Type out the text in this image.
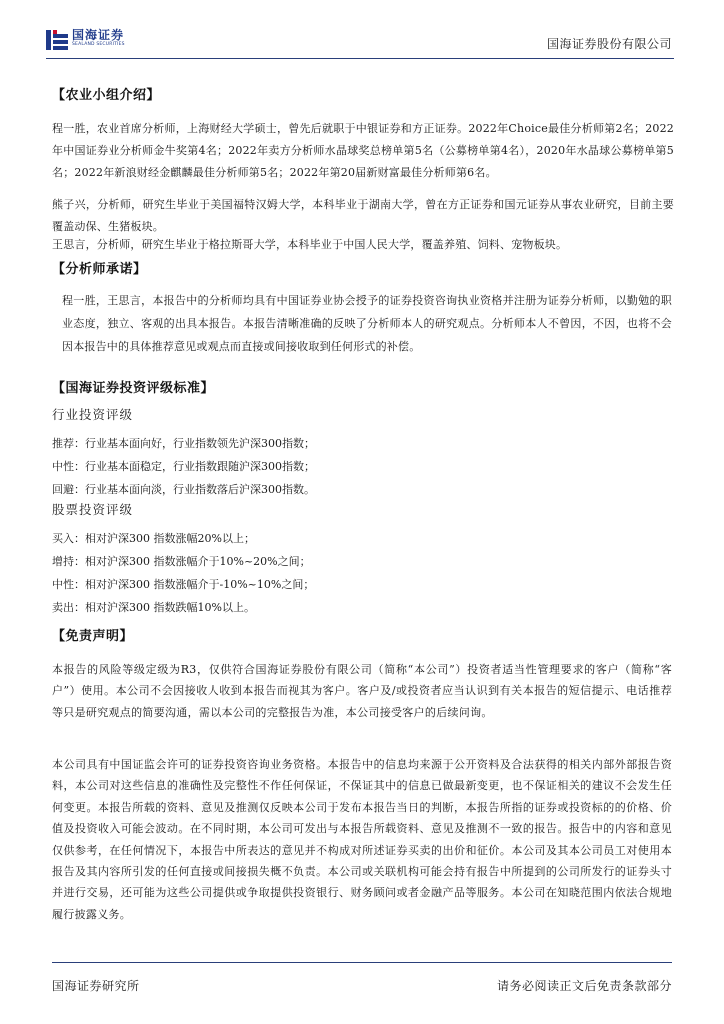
国海证券
SEALAND SECURITIES	国海证券股份有限公司
【农业小组介绍】
程一胜，农业首席分析师，上海财经大学硕士，曾先后就职于中银证券和方正证券。2022年Choice最佳分析师第2名；2022年中国证券业分析师金牛奖第4名；2022年卖方分析师水晶球奖总榜单第5名（公募榜单第4名），2020年水晶球公募榜单第5名；2022年新浪财经金麒麟最佳分析师第5名；2022年第20届新财富最佳分析师第6名。
熊子兴，分析师，研究生毕业于美国福特汉姆大学，本科毕业于湖南大学，曾在方正证券和国元证券从事农业研究，目前主要覆盖动保、生猪板块。
王思言，分析师，研究生毕业于格拉斯哥大学，本科毕业于中国人民大学，覆盖养殖、饲料、宠物板块。
【分析师承诺】
程一胜，王思言，本报告中的分析师均具有中国证券业协会授予的证券投资咨询执业资格并注册为证券分析师，以勤勉的职业态度，独立、客观的出具本报告。本报告清晰准确的反映了分析师本人的研究观点。分析师本人不曾因，不因，也将不会因本报告中的具体推荐意见或观点而直接或间接收取到任何形式的补偿。
【国海证券投资评级标准】
行业投资评级
推荐：行业基本面向好，行业指数领先沪深300指数；
中性：行业基本面稳定，行业指数跟随沪深300指数；
回避：行业基本面向淡，行业指数落后沪深300指数。
股票投资评级
买入：相对沪深300 指数涨幅20%以上；
增持：相对沪深300 指数涨幅介于10%~20%之间；
中性：相对沪深300 指数涨幅介于-10%~10%之间；
卖出：相对沪深300 指数跌幅10%以上。
【免责声明】
本报告的风险等级定级为R3，仅供符合国海证券股份有限公司（简称“本公司”）投资者适当性管理要求的客户（简称“客户”）使用。本公司不会因接收人收到本报告而视其为客户。客户及/或投资者应当认识到有关本报告的短信提示、电话推荐等只是研究观点的简要沟通，需以本公司的完整报告为准，本公司接受客户的后续问询。
本公司具有中国证监会许可的证券投资咨询业务资格。本报告中的信息均来源于公开资料及合法获得的相关内部外部报告资料，本公司对这些信息的准确性及完整性不作任何保证，不保证其中的信息已做最新变更，也不保证相关的建议不会发生任何变更。本报告所载的资料、意见及推测仅反映本公司于发布本报告当日的判断，本报告所指的证券或投资标的的价格、价值及投资收入可能会波动。在不同时期，本公司可发出与本报告所载资料、意见及推测不一致的报告。报告中的内容和意见仅供参考，在任何情况下，本报告中所表达的意见并不构成对所述证券买卖的出价和征价。本公司及其本公司员工对使用本报告及其内容所引发的任何直接或间接损失概不负责。本公司或关联机构可能会持有报告中所提到的公司所发行的证券头寸并进行交易，还可能为这些公司提供或争取提供投资银行、财务顾问或者金融产品等服务。本公司在知晓范围内依法合规地履行披露义务。
国海证券研究所	请务必阅读正文后免责条款部分
